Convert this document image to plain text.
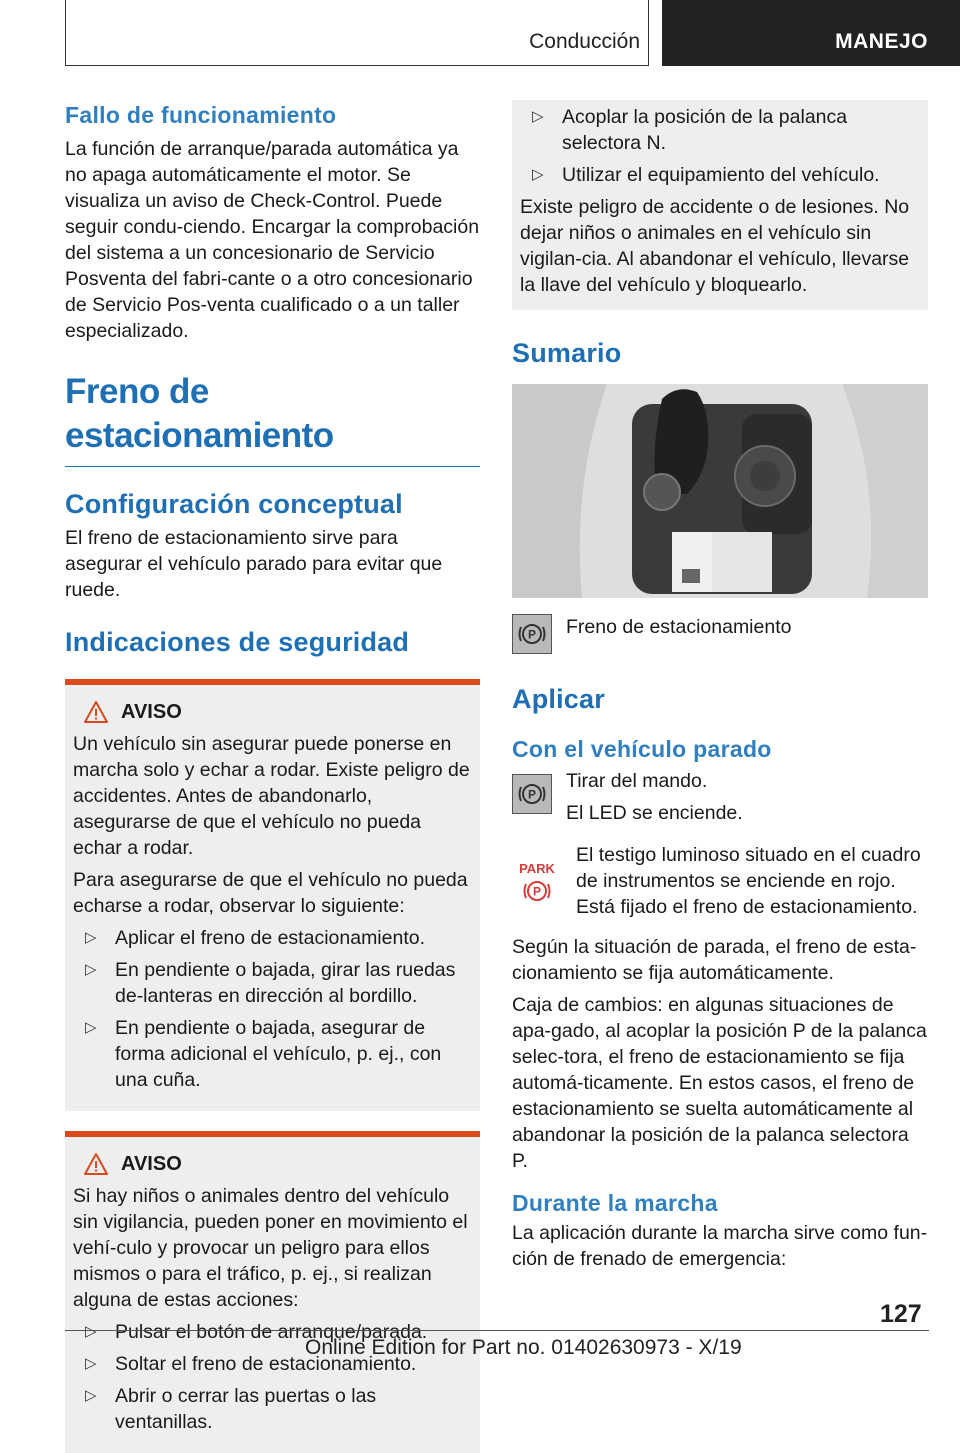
Conducción	MANEJO
Fallo de funcionamiento

La función de arranque/parada automática ya no apaga automáticamente el motor. Se visualiza un aviso de Check-Control. Puede seguir condu-ciendo. Encargar la comprobación del sistema a un concesionario de Servicio Posventa del fabri-cante o a otro concesionario de Servicio Pos-venta cualificado o a un taller especializado.

Freno de estacionamiento
Configuración conceptual

El freno de estacionamiento sirve para asegurar el vehículo parado para evitar que ruede.

Indicaciones de seguridad
AVISO

Un vehículo sin asegurar puede ponerse en marcha solo y echar a rodar. Existe peligro de accidentes. Antes de abandonarlo, asegurarse de que el vehículo no pueda echar a rodar.

Para asegurarse de que el vehículo no pueda echarse a rodar, observar lo siguiente:

▷ Aplicar el freno de estacionamiento.
▷ En pendiente o bajada, girar las ruedas de-lanteras en dirección al bordillo.
▷ En pendiente o bajada, asegurar de forma adicional el vehículo, p. ej., con una cuña.
AVISO

Si hay niños o animales dentro del vehículo sin vigilancia, pueden poner en movimiento el vehí-culo y provocar un peligro para ellos mismos o para el tráfico, p. ej., si realizan alguna de estas acciones:

▷ Pulsar el botón de arranque/parada.
▷ Soltar el freno de estacionamiento.
▷ Abrir o cerrar las puertas o las ventanillas.
▷ Acoplar la posición de la palanca selectora N.
▷ Utilizar el equipamiento del vehículo.

Existe peligro de accidente o de lesiones. No dejar niños o animales en el vehículo sin vigilan-cia. Al abandonar el vehículo, llevarse la llave del vehículo y bloquearlo.

Sumario
P Freno de estacionamiento

Aplicar
Con el vehículo parado
P

Tirar del mando.

El LED se enciende.

PARK
P

El testigo luminoso situado en el cuadro de instrumentos se enciende en rojo. Está fijado el freno de estacionamiento.

Según la situación de parada, el freno de esta-cionamiento se fija automáticamente.

Caja de cambios: en algunas situaciones de apa-gado, al acoplar la posición P de la palanca selec-tora, el freno de estacionamiento se fija automá-ticamente. En estos casos, el freno de estacionamiento se suelta automáticamente al abandonar la posición de la palanca selectora P.

Durante la marcha

La aplicación durante la marcha sirve como fun-ción de frenado de emergencia:

127
Online Edition for Part no. 01402630973 - X/19
